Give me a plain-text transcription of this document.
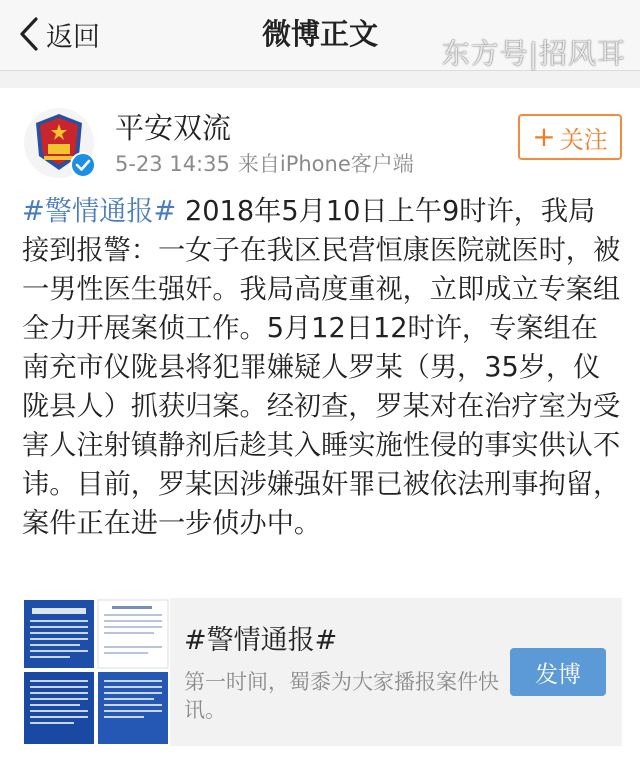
返回	微博正文
东方号|招风耳
平安双流
5-23 14:35 来自iPhone客户端
+ 关注
#警情通报# 2018年5月10日上午9时许，我局接到报警：一女子在我区民营恒康医院就医时，被一男性医生强奸。我局高度重视，立即成立专案组全力开展案侦工作。5月12日12时许，专案组在南充市仪陇县将犯罪嫌疑人罗某（男，35岁，仪陇县人）抓获归案。经初查，罗某对在治疗室为受害人注射镇静剂后趁其入睡实施性侵的事实供认不讳。目前，罗某因涉嫌强奸罪已被依法刑事拘留，案件正在进一步侦办中。
#警情通报#
第一时间，蜀黍为大家播报案件快讯。
发博
